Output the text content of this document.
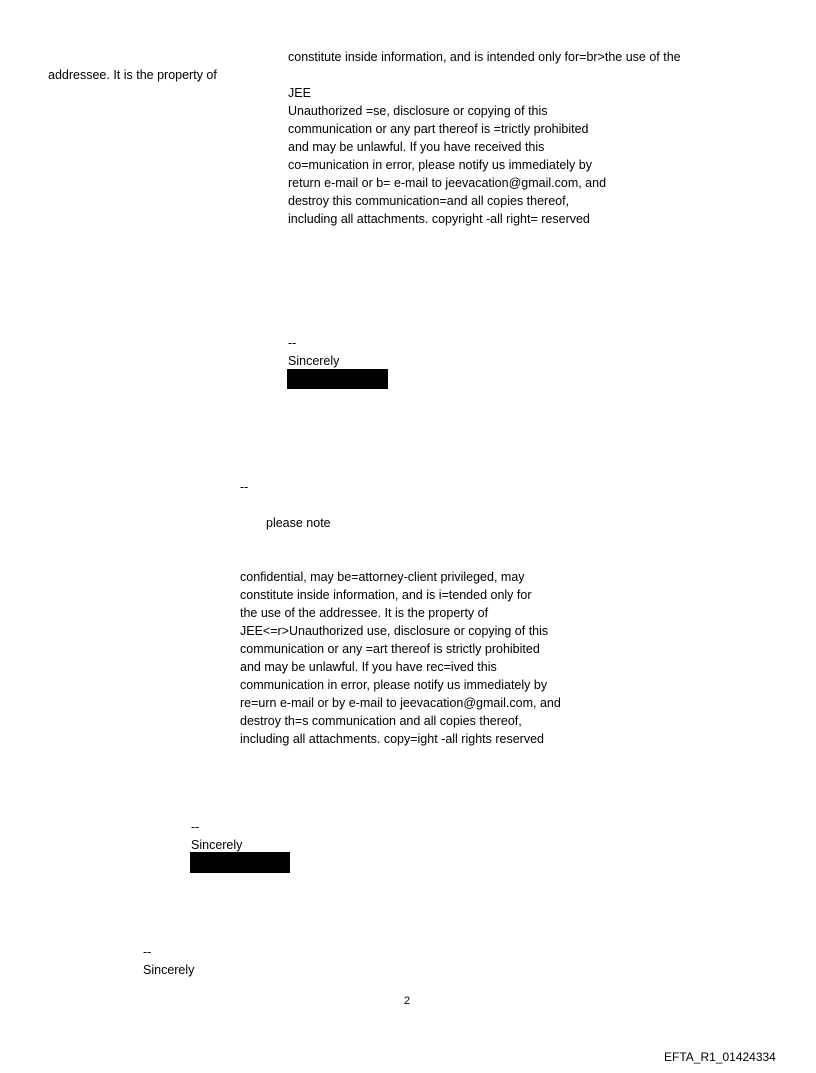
constitute inside information, and is intended only for=br>the use of the
addressee. It is the property of
JEE
Unauthorized =se, disclosure or copying of this
communication or any part thereof is =trictly prohibited
and may be unlawful. If you have received this
co=munication in error, please notify us immediately by
return e-mail or b= e-mail to jeevacation@gmail.com, and
destroy this communication=and all copies thereof,
including all attachments. copyright -all right= reserved
--
Sincerely
--
please note
confidential, may be=attorney-client privileged, may
constitute inside information, and is i=tended only for
the use of the addressee. It is the property of
JEE<=r>Unauthorized use, disclosure or copying of this
communication or any =art thereof is strictly prohibited
and may be unlawful. If you have rec=ived this
communication in error, please notify us immediately by
re=urn e-mail or by e-mail to jeevacation@gmail.com, and
destroy th=s communication and all copies thereof,
including all attachments. copy=ight -all rights reserved
--
Sincerely
--
Sincerely
2
EFTA_R1_01424334
